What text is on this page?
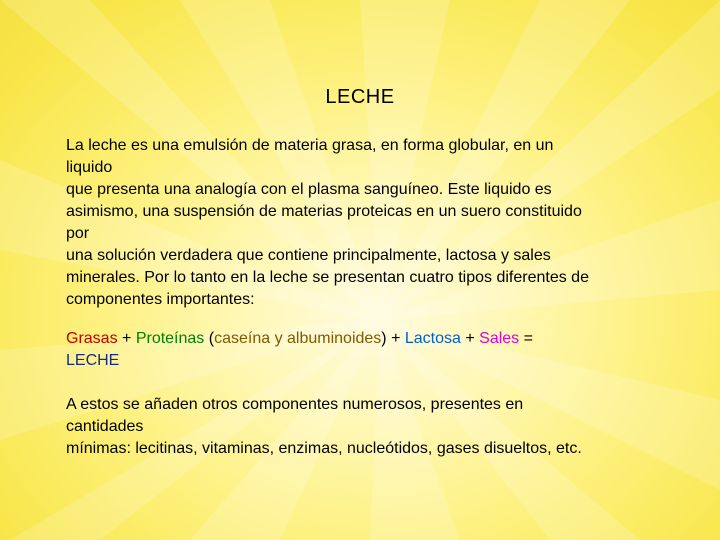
LECHE

La leche es una emulsión de materia grasa, en forma globular, en un
liquido
que presenta una analogía con el plasma sanguíneo. Este liquido es
asimismo, una suspensión de materias proteicas en un suero constituido
por
una solución verdadera que contiene principalmente, lactosa y sales
minerales. Por lo tanto en la leche se presentan cuatro tipos diferentes de
componentes importantes:

Grasas + Proteínas (caseína y albuminoides) + Lactosa + Sales =
LECHE

A estos se añaden otros componentes numerosos, presentes en
cantidades
mínimas: lecitinas, vitaminas, enzimas, nucleótidos, gases disueltos, etc.
